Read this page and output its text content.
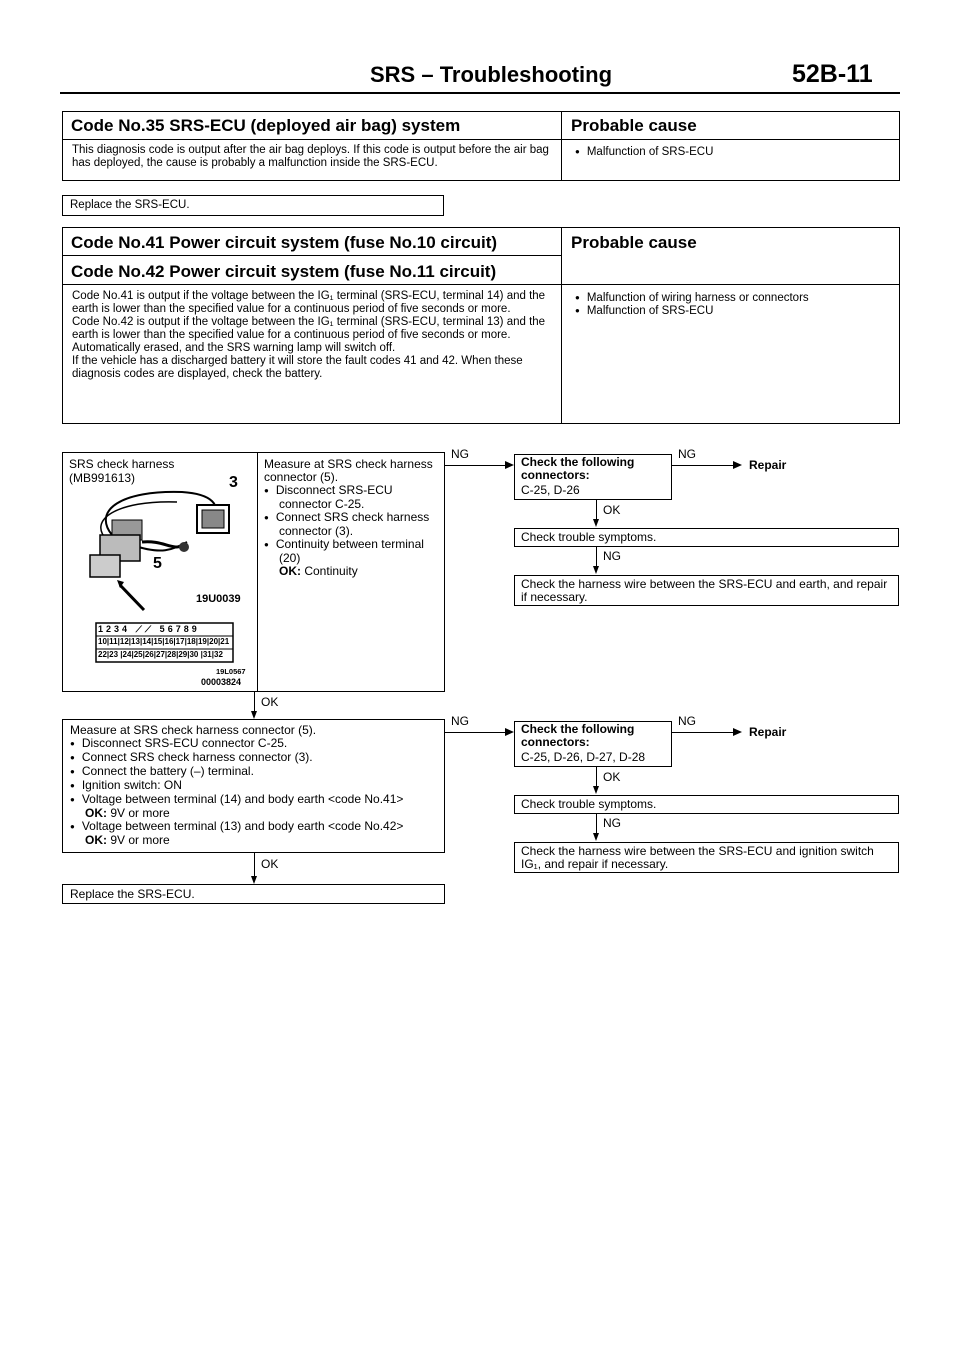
SRS – Troubleshooting	52B-11
Code No.35 SRS-ECU (deployed air bag) system	Probable cause
This diagnosis code is output after the air bag deploys. If this code is output before the air bag has deployed, the cause is probably a malfunction inside the SRS-ECU.
● Malfunction of SRS-ECU
Replace the SRS-ECU.
Code No.41 Power circuit system (fuse No.10 circuit)
Code No.42 Power circuit system (fuse No.11 circuit)
Probable cause
Code No.41 is output if the voltage between the IG₁ terminal (SRS-ECU, terminal 14) and the earth is lower than the specified value for a continuous period of five seconds or more.
Code No.42 is output if the voltage between the IG₁ terminal (SRS-ECU, terminal 13) and the earth is lower than the specified value for a continuous period of five seconds or more.
Automatically erased, and the SRS warning lamp will switch off.
If the vehicle has a discharged battery it will store the fault codes 41 and 42. When these diagnosis codes are displayed, check the battery.
● Malfunction of wiring harness or connectors
● Malfunction of SRS-ECU
SRS check harness
(MB991613)	3
5
19U0039
1234 ⟋⟋ 56789
10|11|12|13|14|15|16|17|18|19|20|21
22|23 |24|25|26|27|28|29|30 |31|32
19L0567
00003824
Measure at SRS check harness connector (5).
● Disconnect SRS-ECU connector C-25.
● Connect SRS check harness connector (3).
● Continuity between terminal (20)
OK: Continuity
NG
Check the following connectors:
C-25, D-26
NG
Repair
OK
Check trouble symptoms.
NG
Check the harness wire between the SRS-ECU and earth, and repair if necessary.
OK
Measure at SRS check harness connector (5).
● Disconnect SRS-ECU connector C-25.
● Connect SRS check harness connector (3).
● Connect the battery (–) terminal.
● Ignition switch: ON
● Voltage between terminal (14) and body earth <code No.41>
OK: 9V or more
● Voltage between terminal (13) and body earth <code No.42>
OK: 9V or more
NG
Check the following connectors:
C-25, D-26, D-27, D-28
NG
Repair
OK
Check trouble symptoms.
NG
Check the harness wire between the SRS-ECU and ignition switch IG₁, and repair if necessary.
OK
Replace the SRS-ECU.
